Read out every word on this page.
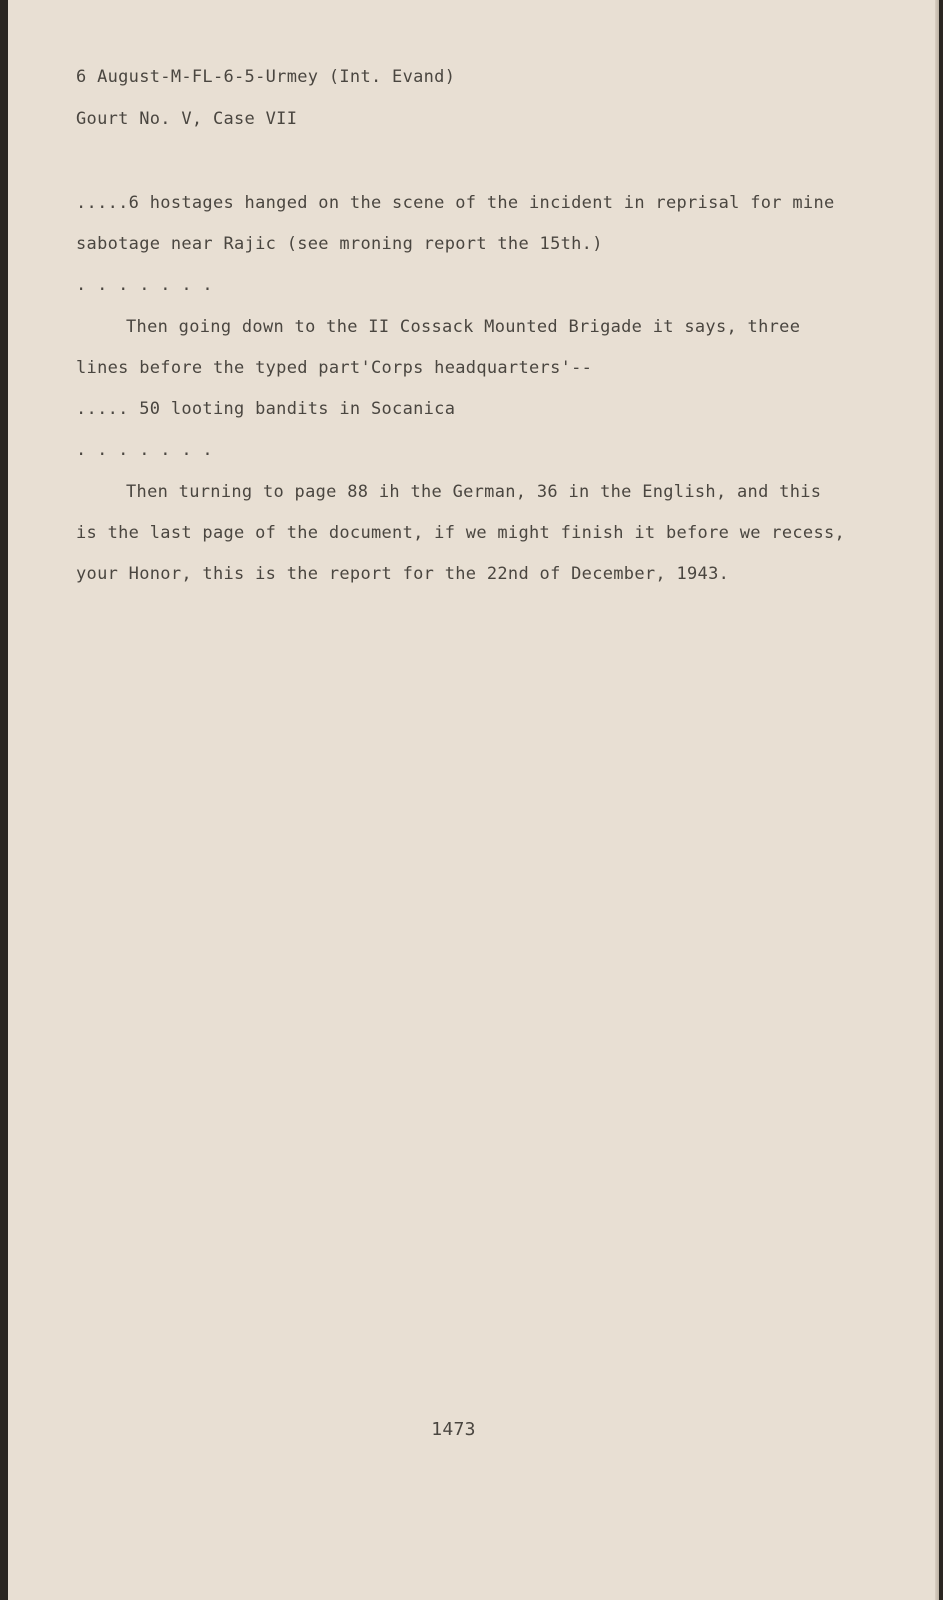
6 August-M-FL-6-5-Urmey (Int. Evand)
Gourt No. V, Case VII
.....6 hostages hanged on the scene of the incident in reprisal for mine
sabotage near Rajic (see mroning report the 15th.)
. . . . . . .
Then going down to the II Cossack Mounted Brigade it says, three
lines before the typed part'Corps headquarters'--
..... 50 looting bandits in Socanica
. . . . . . .
Then turning to page 88 ih the German, 36 in the English, and this
is the last page of the document, if we might finish it before we recess,
your Honor, this is the report for the 22nd of December, 1943.
1473
